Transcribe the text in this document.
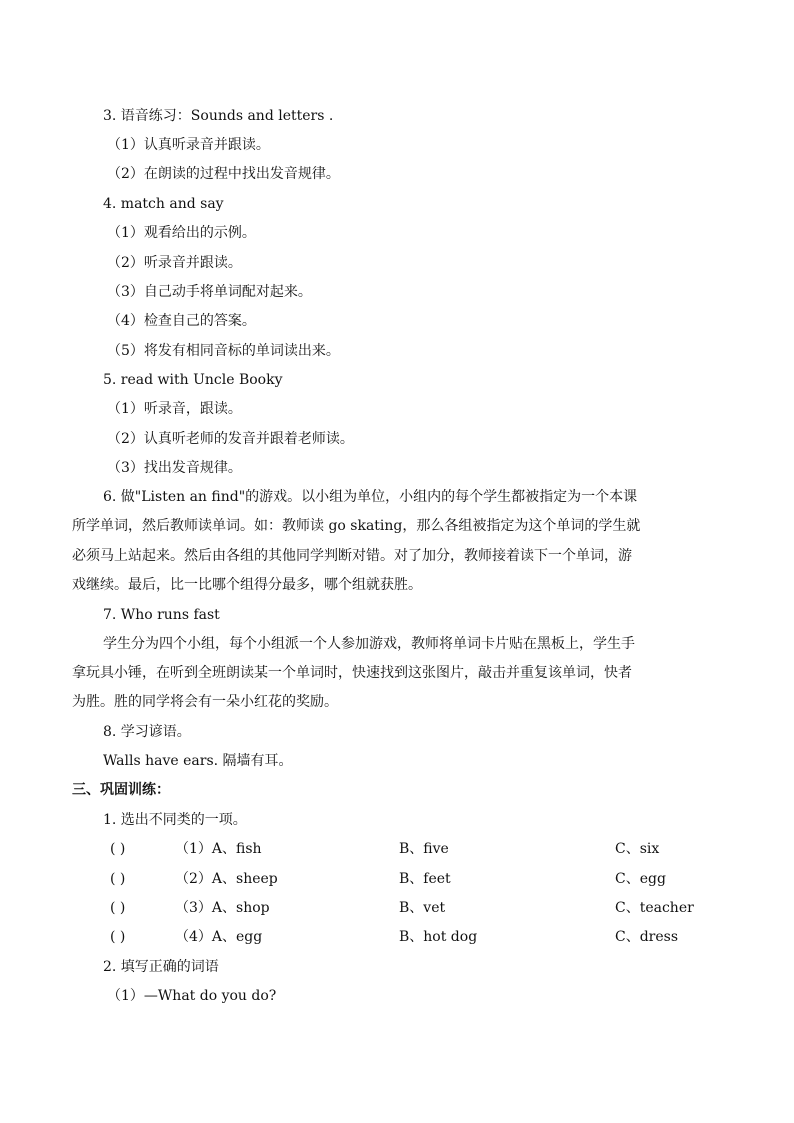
3. 语音练习：Sounds and letters .
（1）认真听录音并跟读。
（2）在朗读的过程中找出发音规律。
4. match and say
（1）观看给出的示例。
（2）听录音并跟读。
（3）自己动手将单词配对起来。
（4）检查自己的答案。
（5）将发有相同音标的单词读出来。
5. read with Uncle Booky
（1）听录音，跟读。
（2）认真听老师的发音并跟着老师读。
（3）找出发音规律。
6. 做"Listen an find"的游戏。以小组为单位，小组内的每个学生都被指定为一个本课
所学单词，然后教师读单词。如：教师读 go skating，那么各组被指定为这个单词的学生就
必须马上站起来。然后由各组的其他同学判断对错。对了加分，教师接着读下一个单词，游
戏继续。最后，比一比哪个组得分最多，哪个组就获胜。
7. Who runs fast
学生分为四个小组，每个小组派一个人参加游戏，教师将单词卡片贴在黑板上，学生手
拿玩具小锤，在听到全班朗读某一个单词时，快速找到这张图片，敲击并重复该单词，快者
为胜。胜的同学将会有一朵小红花的奖励。
8. 学习谚语。
Walls have ears. 隔墙有耳。
三、巩固训练：
1. 选出不同类的一项。
( )	（1）A、fish	B、five	C、six
( )	（2）A、sheep	B、feet	C、egg
( )	（3）A、shop	B、vet	C、teacher
( )	（4）A、egg	B、hot dog	C、dress
2. 填写正确的词语
（1）—What do you do?
